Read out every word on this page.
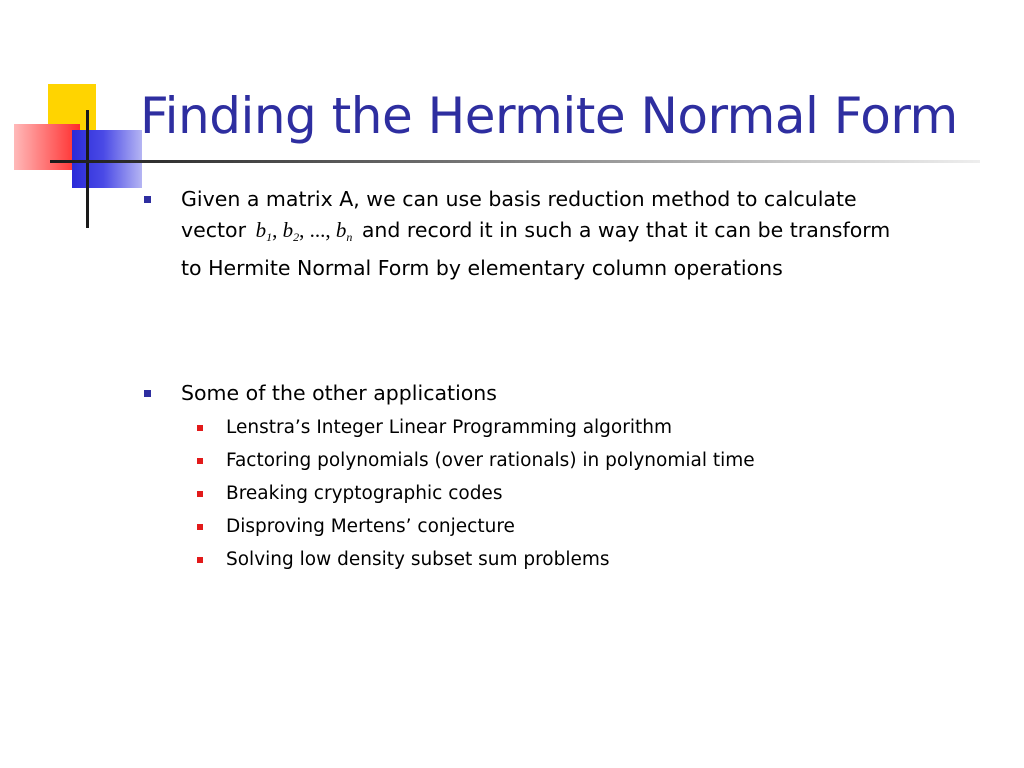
Finding the Hermite Normal Form
Given a matrix A, we can use basis reduction method to calculate
vector $b_1$, $b_2$, ..., $b_n$ and record it in such a way that it can be transform
to Hermite Normal Form by elementary column operations
Some of the other applications
Lenstra’s Integer Linear Programming algorithm
Factoring polynomials (over rationals) in polynomial time
Breaking cryptographic codes
Disproving Mertens’ conjecture
Solving low density subset sum problems
